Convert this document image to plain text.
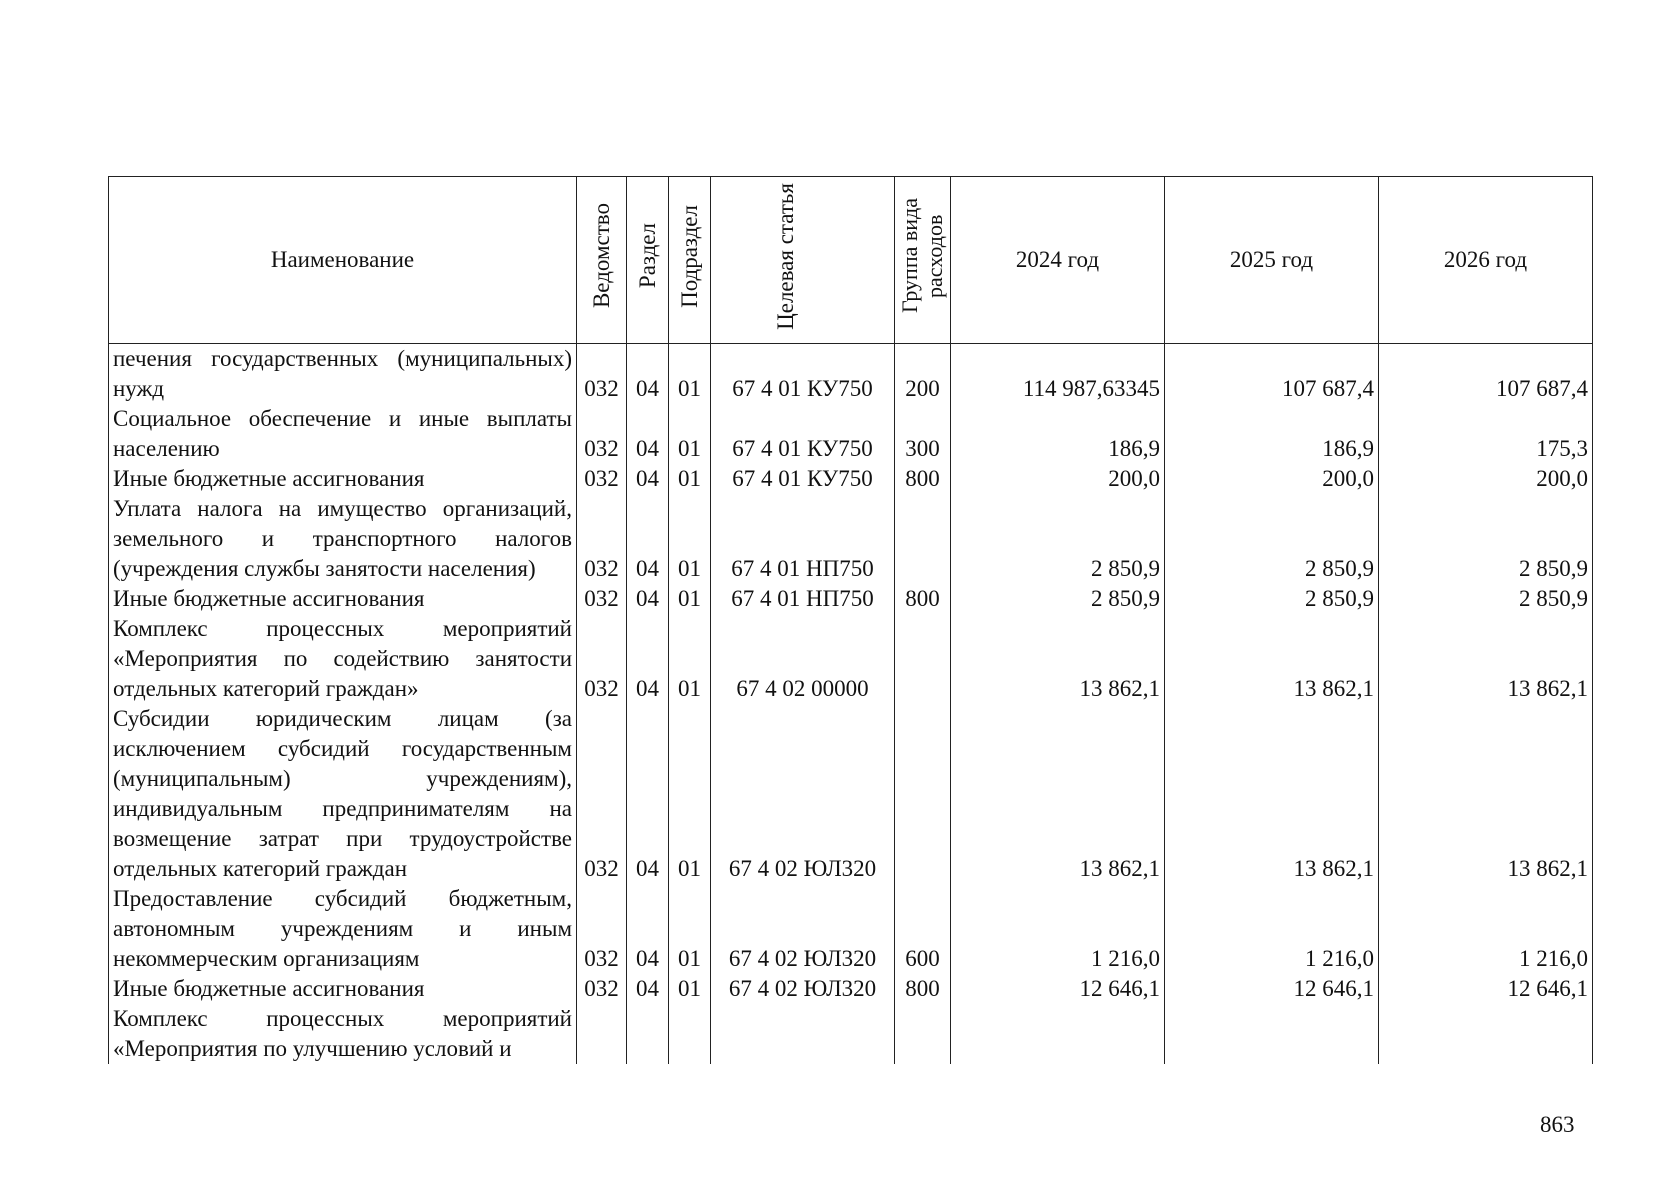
Наименование	Ведомство	Раздел	Подраздел	Целевая статья	Группа вида расходов	2024 год	2025 год	2026 год
печения государственных (муниципальных) нужд	032	04	01	67 4 01 КУ750	200	114 987,63345	107 687,4	107 687,4
Социальное обеспечение и иные выплаты населению	032	04	01	67 4 01 КУ750	300	186,9	186,9	175,3
Иные бюджетные ассигнования	032	04	01	67 4 01 КУ750	800	200,0	200,0	200,0
Уплата налога на имущество организаций, земельного и транспортного налогов (учреждения службы занятости населения)	032	04	01	67 4 01 НП750		2 850,9	2 850,9	2 850,9
Иные бюджетные ассигнования	032	04	01	67 4 01 НП750	800	2 850,9	2 850,9	2 850,9
Комплекс процессных мероприятий «Мероприятия по содействию занятости отдельных категорий граждан»	032	04	01	67 4 02 00000		13 862,1	13 862,1	13 862,1
Субсидии юридическим лицам (за исключением субсидий государственным (муниципальным) учреждениям), индивидуальным предпринимателям на возмещение затрат при трудоустройстве отдельных категорий граждан	032	04	01	67 4 02 ЮЛ320		13 862,1	13 862,1	13 862,1
Предоставление субсидий бюджетным, автономным учреждениям и иным некоммерческим организациям	032	04	01	67 4 02 ЮЛ320	600	1 216,0	1 216,0	1 216,0
Иные бюджетные ассигнования	032	04	01	67 4 02 ЮЛ320	800	12 646,1	12 646,1	12 646,1
Комплекс процессных мероприятий «Мероприятия по улучшению условий и								
863
